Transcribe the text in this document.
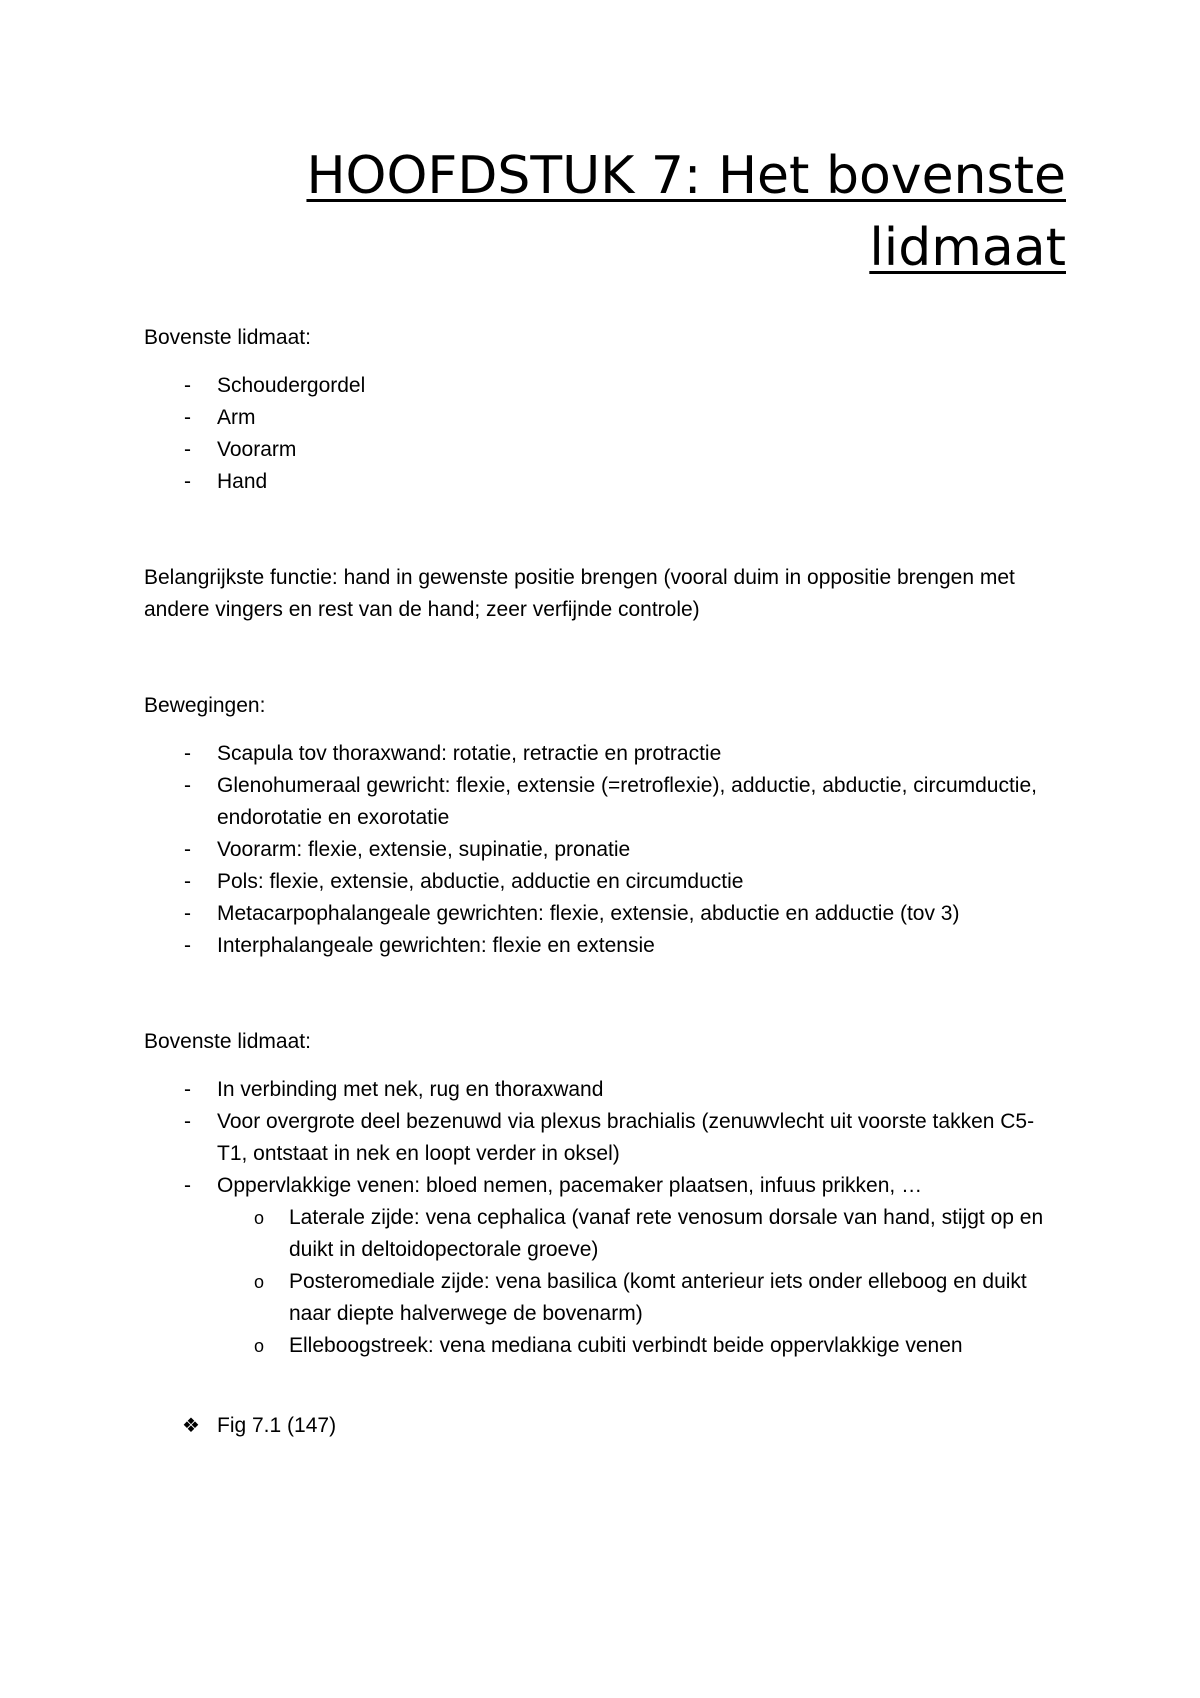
HOOFDSTUK 7: Het bovenste lidmaat

Bovenste lidmaat:

- Schoudergordel
- Arm
- Voorarm
- Hand

Belangrijkste functie: hand in gewenste positie brengen (vooral duim in oppositie brengen met andere vingers en rest van de hand; zeer verfijnde controle)

Bewegingen:

- Scapula tov thoraxwand: rotatie, retractie en protractie
- Glenohumeraal gewricht: flexie, extensie (=retroflexie), adductie, abductie, circumductie, endorotatie en exorotatie
- Voorarm: flexie, extensie, supinatie, pronatie
- Pols: flexie, extensie, abductie, adductie en circumductie
- Metacarpophalangeale gewrichten: flexie, extensie, abductie en adductie (tov 3)
- Interphalangeale gewrichten: flexie en extensie

Bovenste lidmaat:

- In verbinding met nek, rug en thoraxwand
- Voor overgrote deel bezenuwd via plexus brachialis (zenuwvlecht uit voorste takken C5-T1, ontstaat in nek en loopt verder in oksel)
- Oppervlakkige venen: bloed nemen, pacemaker plaatsen, infuus prikken, …
o Laterale zijde: vena cephalica (vanaf rete venosum dorsale van hand, stijgt op en duikt in deltoidopectorale groeve)
o Posteromediale zijde: vena basilica (komt anterieur iets onder elleboog en duikt naar diepte halverwege de bovenarm)
o Elleboogstreek: vena mediana cubiti verbindt beide oppervlakkige venen
❖ Fig 7.1 (147)
